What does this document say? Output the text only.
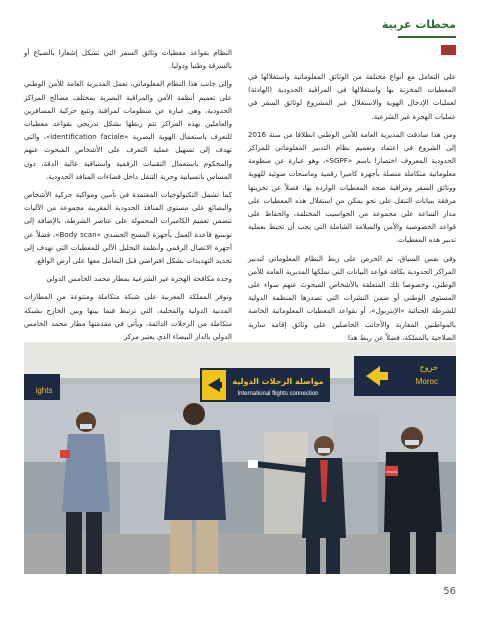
محطات عربية

على التعامل مع أنواع مختلفة من الوثائق المعلوماتية واستغلالها في المعطيات المخزنة بها واستغلالها في المراقبة الحدودية (الهادئة) لعمليات الإدخال الهوية والاستغلال غير المشروع لوثائق السفر في عمليات الهجرة غير الشرعية.

ومن هذا صادقت المديرية العامة للأمن الوطني انطلاقا من سنة 2016 إلى الشروع في اعتماد وتعميم نظام التدبير المعلوماتي للمراكز الحدودية المعروف اختصارا باسم «SGPF»، وهو عبارة عن منظومة معلوماتية متكاملة متصلة بأجهزة كاميرا رقمية وماسحات ضوئية للهوية ووثائق السفر ومراقبة صحة المعطيات الواردة بها، فضلاً عن تخزينها مرفقة ببيانات التنقل على نحو يمكن من استغلال هذه المعطيات على مدار الساعة على مجموعة من الحواسيب المختلفة، والحفاظ على قواعد الخصوصية والأمن والسلامة الشاملة التي يجب أن تحيط بعملية تدبير هذه المعطيات.

وفي نفس السياق، تم الحرص على ربط النظام المعلوماتي لتدبير المراكز الحدودية بكافة قواعد البيانات التي تملكها المديرية العامة للأمن الوطني، وخصوصا تلك المتعلقة بالأشخاص المبحوث عنهم سواء على المستوى الوطني أو ضمن النشرات التي تصدرها المنظمة الدولية للشرطة الجنائية «الإنتربول»، أو بقواعد المعطيات المعلوماتية الخاصة بالمواطنين المغاربة والأجانب الحاصلين على وثائق إقامة سارية الصلاحية بالمملكة، فضلاً عن ربط هذا

النظام بقواعد معطيات وثائق السفر التي تشكل إشعارا بالضياع أو بالسرقة وطنيا ودوليا.

وإلى جانب هذا النظام المعلوماتي، تعمل المديرية العامة للأمن الوطني على تعميم أنظمة الأمن والمراقبة البصرية بمختلف مصالح المراكز الحدودية، وهي عبارة عن منظومات لمراقبة وتتبع حركية المسافرين والعاملين بهذه المراكز تتم ربطها بشكل تدريجي بقواعد معطيات للتعرف باستعمال الهوية البصرية «identification faciale»، والتي تهدف إلى تسهيل عملية التعرف على الأشخاص المبحوث عنهم والمحكوم باستعمال التقنيات الرقمية واستباقية عالية الدقة، دون المساس بانسيابية وحرية التنقل داخل فضاءات المنافذ الحدودية.

كما تشمل التكنولوجيات المعتمدة في تأمين ومواكبة حركية الأشخاص والبضائع على مستوى المنافذ الحدودية المغربية مجموعة من الآليات تتضمن تعميم الكاميرات المحمولة على عناصر الشرطة، بالإضافة إلى توسيع قاعدة العمل بأجهزة المسح الجسدي «Body scan»، فضلاً عن أجهزة الاتصال الرقمي وأنظمة التحليل الآلي للمعطيات التي تهدف إلى تحديد التهديدات بشكل افتراضي قبل التعامل معها على أرض الواقع.

وحدة مكافحة الهجرة غير الشرعية بمطار محمد الخامس الدولي

وتوفر المملكة المغربية على شبكة متكاملة ومتنوعة من المطارات المدنية الدولية والمحلية، التي ترتبط فيما بينها وبين الخارج بشبكة متكاملة من الرحلات الدائمة، ويأتي في مقدمتها مطار محمد الخامس الدولي بالدار البيضاء الذي يعتبر مركز

ights
مواصلة الرحلات الدولية
International flights connection
خروج
Moroc
POLICE
56
